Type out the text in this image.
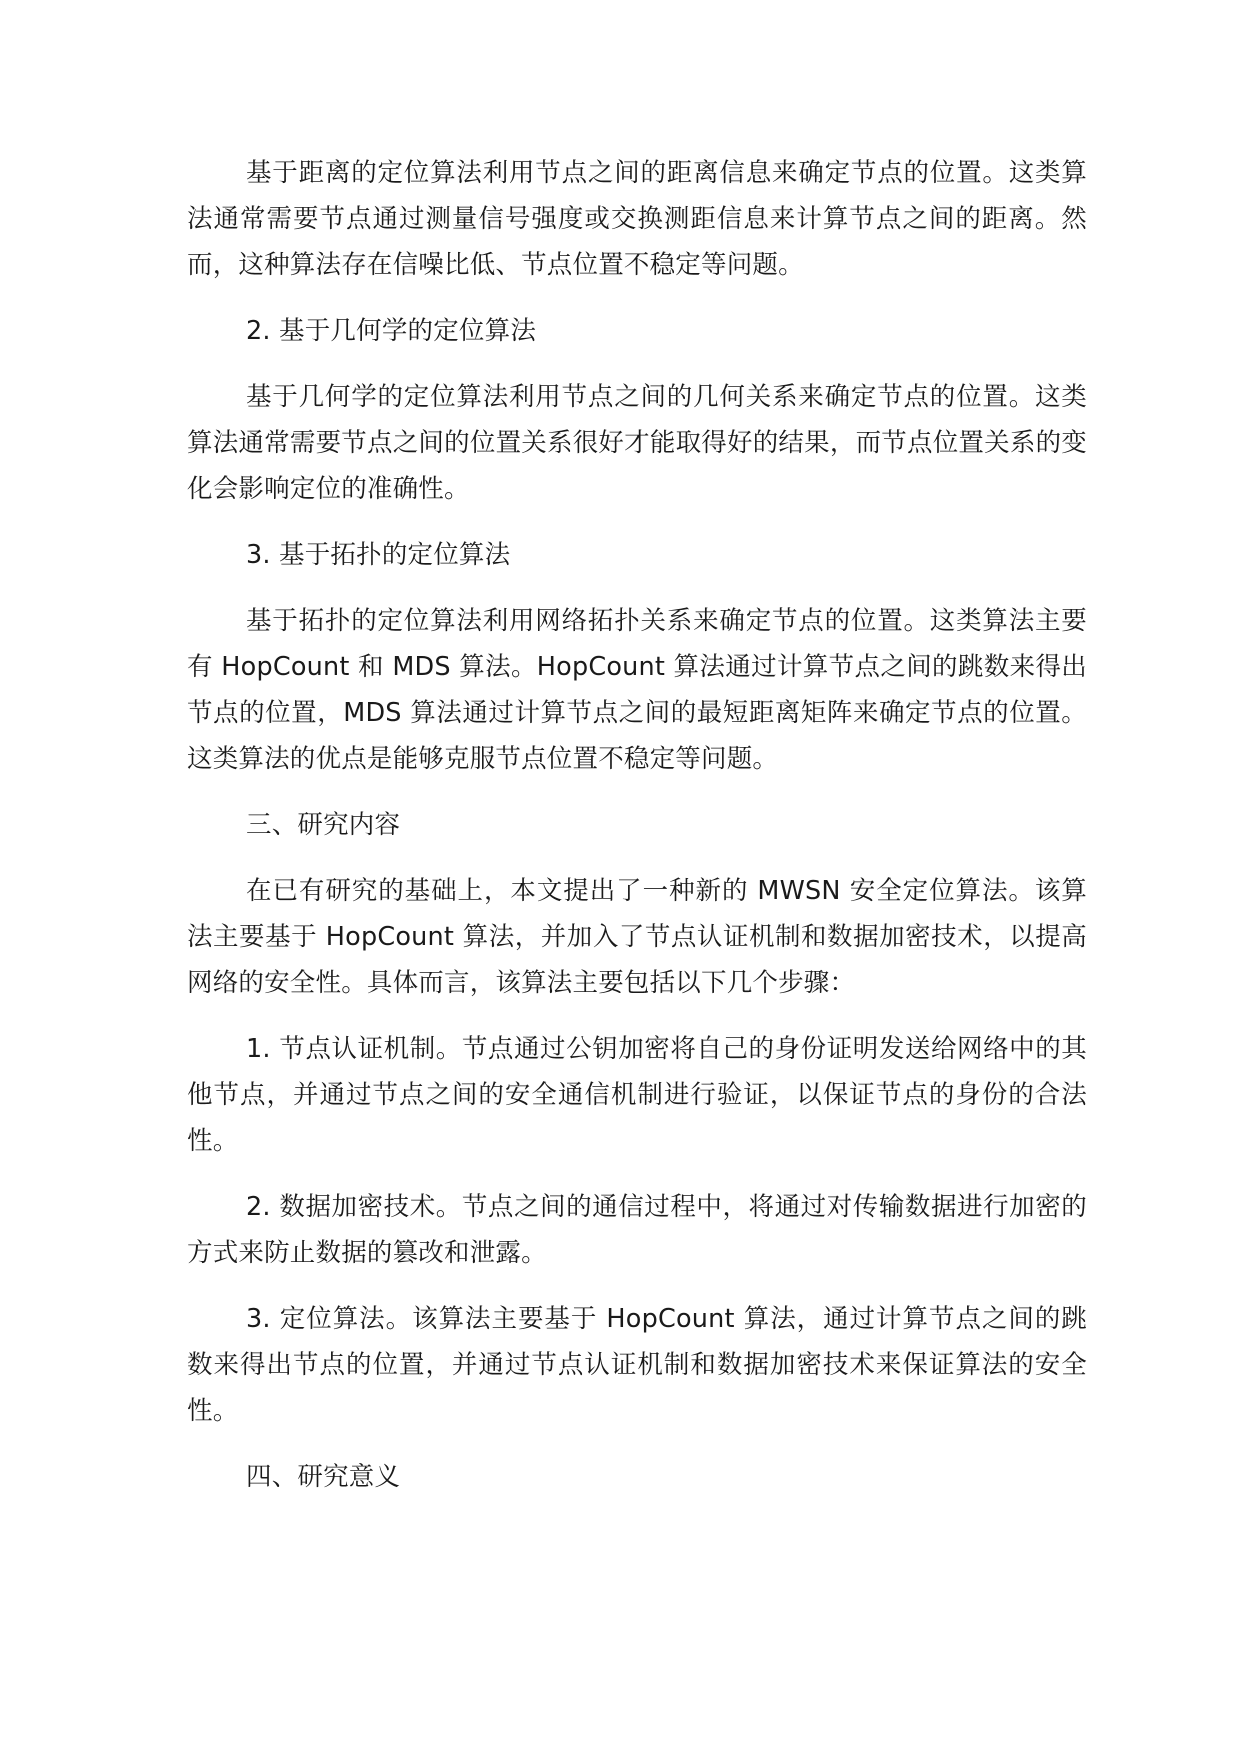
基于距离的定位算法利用节点之间的距离信息来确定节点的位置。这类算法通常需要节点通过测量信号强度或交换测距信息来计算节点之间的距离。然而，这种算法存在信噪比低、节点位置不稳定等问题。

2. 基于几何学的定位算法

基于几何学的定位算法利用节点之间的几何关系来确定节点的位置。这类算法通常需要节点之间的位置关系很好才能取得好的结果，而节点位置关系的变化会影响定位的准确性。

3. 基于拓扑的定位算法

基于拓扑的定位算法利用网络拓扑关系来确定节点的位置。这类算法主要有 HopCount 和 MDS 算法。HopCount 算法通过计算节点之间的跳数来得出节点的位置，MDS 算法通过计算节点之间的最短距离矩阵来确定节点的位置。这类算法的优点是能够克服节点位置不稳定等问题。

三、研究内容

在已有研究的基础上，本文提出了一种新的 MWSN 安全定位算法。该算法主要基于 HopCount 算法，并加入了节点认证机制和数据加密技术，以提高网络的安全性。具体而言，该算法主要包括以下几个步骤：

1. 节点认证机制。节点通过公钥加密将自己的身份证明发送给网络中的其他节点，并通过节点之间的安全通信机制进行验证，以保证节点的身份的合法性。

2. 数据加密技术。节点之间的通信过程中，将通过对传输数据进行加密的方式来防止数据的篡改和泄露。

3. 定位算法。该算法主要基于 HopCount 算法，通过计算节点之间的跳数来得出节点的位置，并通过节点认证机制和数据加密技术来保证算法的安全性。

四、研究意义
